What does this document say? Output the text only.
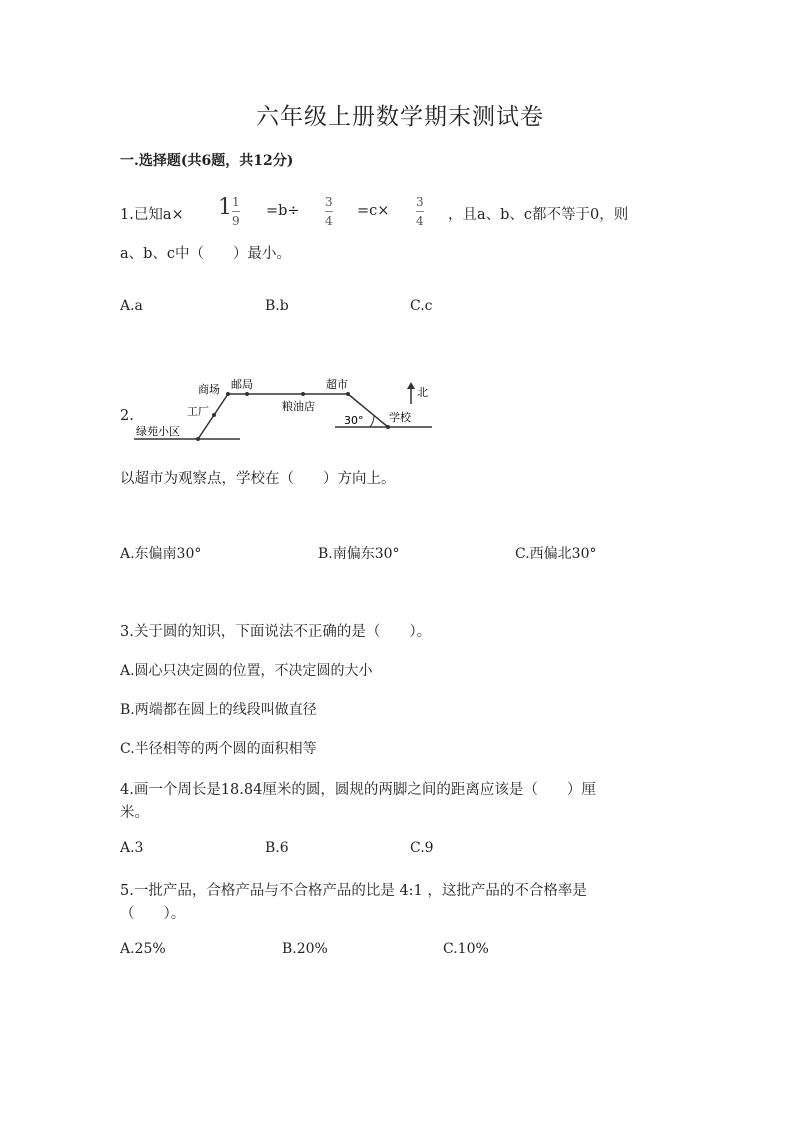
六年级上册数学期末测试卷
一.选择题(共6题，共12分)
1.已知a× 1 1
9
=b÷
3
4
=c×
3
4 ，且a、b、c都不等于0，则
a、b、c中（　　）最小。
A.a	B.b	C.c
2.
商场 邮局	超市
北
工厂	粮油店
30° 学校
绿苑小区
以超市为观察点，学校在（　　）方向上。
A.东偏南30°	B.南偏东30°	C.西偏北30°
3.关于圆的知识，下面说法不正确的是（　　）。
A.圆心只决定圆的位置，不决定圆的大小
B.两端都在圆上的线段叫做直径
C.半径相等的两个圆的面积相等
4.画一个周长是18.84厘米的圆，圆规的两脚之间的距离应该是（　　）厘
米。
A.3	B.6	C.9
5.一批产品，合格产品与不合格产品的比是 4:1 ，这批产品的不合格率是
（　　）。
A.25%	B.20%	C.10%
